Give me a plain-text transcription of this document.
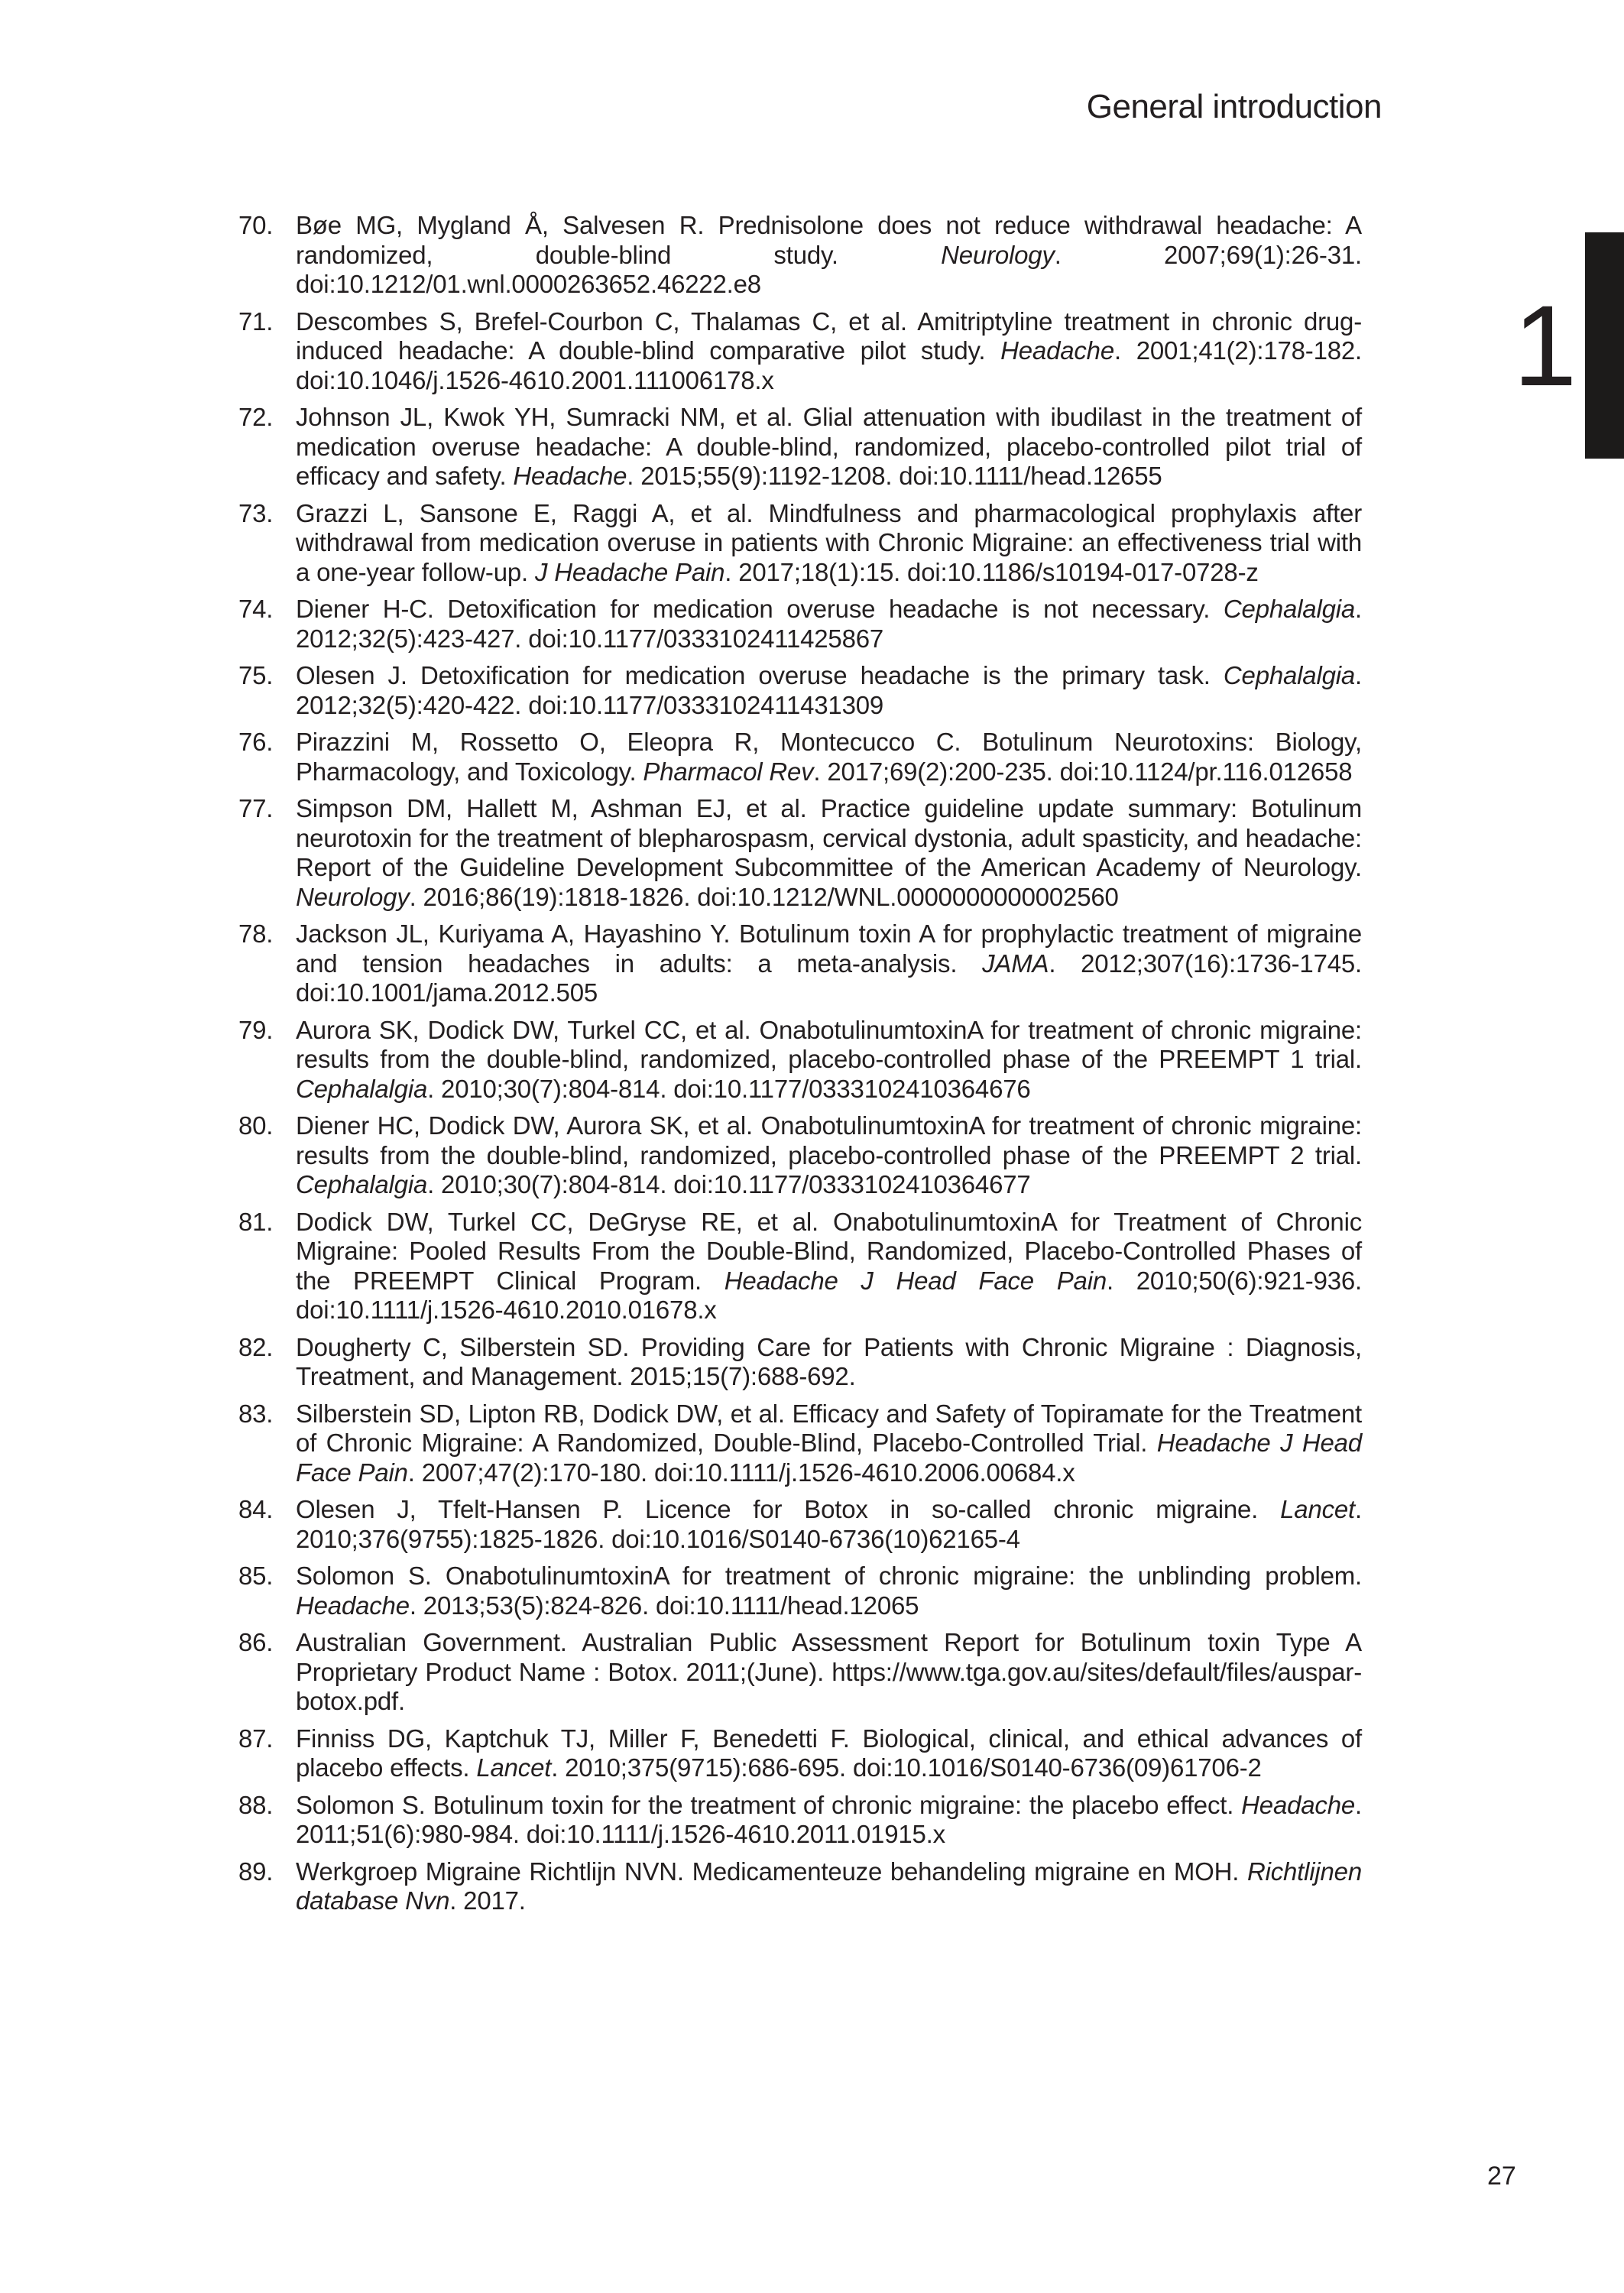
General introduction
1
70. Bøe MG, Mygland Å, Salvesen R. Prednisolone does not reduce withdrawal headache: A randomized, double-blind study. Neurology. 2007;69(1):26-31. doi:10.1212/01.wnl.0000263652.46222.e8
71. Descombes S, Brefel-Courbon C, Thalamas C, et al. Amitriptyline treatment in chronic drug-induced headache: A double-blind comparative pilot study. Headache. 2001;41(2):178-182. doi:10.1046/j.1526-4610.2001.111006178.x
72. Johnson JL, Kwok YH, Sumracki NM, et al. Glial attenuation with ibudilast in the treatment of medication overuse headache: A double-blind, randomized, placebo-controlled pilot trial of efficacy and safety. Headache. 2015;55(9):1192-1208. doi:10.1111/head.12655
73. Grazzi L, Sansone E, Raggi A, et al. Mindfulness and pharmacological prophylaxis after withdrawal from medication overuse in patients with Chronic Migraine: an effectiveness trial with a one-year follow-up. J Headache Pain. 2017;18(1):15. doi:10.1186/s10194-017-0728-z
74. Diener H-C. Detoxification for medication overuse headache is not necessary. Cephalalgia. 2012;32(5):423-427. doi:10.1177/0333102411425867
75. Olesen J. Detoxification for medication overuse headache is the primary task. Cephalalgia. 2012;32(5):420-422. doi:10.1177/0333102411431309
76. Pirazzini M, Rossetto O, Eleopra R, Montecucco C. Botulinum Neurotoxins: Biology, Pharmacology, and Toxicology. Pharmacol Rev. 2017;69(2):200-235. doi:10.1124/pr.116.012658
77. Simpson DM, Hallett M, Ashman EJ, et al. Practice guideline update summary: Botulinum neurotoxin for the treatment of blepharospasm, cervical dystonia, adult spasticity, and headache: Report of the Guideline Development Subcommittee of the American Academy of Neurology. Neurology. 2016;86(19):1818-1826. doi:10.1212/WNL.0000000000002560
78. Jackson JL, Kuriyama A, Hayashino Y. Botulinum toxin A for prophylactic treatment of migraine and tension headaches in adults: a meta-analysis. JAMA. 2012;307(16):1736-1745. doi:10.1001/jama.2012.505
79. Aurora SK, Dodick DW, Turkel CC, et al. OnabotulinumtoxinA for treatment of chronic migraine: results from the double-blind, randomized, placebo-controlled phase of the PREEMPT 1 trial. Cephalalgia. 2010;30(7):804-814. doi:10.1177/0333102410364676
80. Diener HC, Dodick DW, Aurora SK, et al. OnabotulinumtoxinA for treatment of chronic migraine: results from the double-blind, randomized, placebo-controlled phase of the PREEMPT 2 trial. Cephalalgia. 2010;30(7):804-814. doi:10.1177/0333102410364677
81. Dodick DW, Turkel CC, DeGryse RE, et al. OnabotulinumtoxinA for Treatment of Chronic Migraine: Pooled Results From the Double-Blind, Randomized, Placebo-Controlled Phases of the PREEMPT Clinical Program. Headache J Head Face Pain. 2010;50(6):921-936. doi:10.1111/j.1526-4610.2010.01678.x
82. Dougherty C, Silberstein SD. Providing Care for Patients with Chronic Migraine : Diagnosis, Treatment, and Management. 2015;15(7):688-692.
83. Silberstein SD, Lipton RB, Dodick DW, et al. Efficacy and Safety of Topiramate for the Treatment of Chronic Migraine: A Randomized, Double-Blind, Placebo-Controlled Trial. Headache J Head Face Pain. 2007;47(2):170-180. doi:10.1111/j.1526-4610.2006.00684.x
84. Olesen J, Tfelt-Hansen P. Licence for Botox in so-called chronic migraine. Lancet. 2010;376(9755):1825-1826. doi:10.1016/S0140-6736(10)62165-4
85. Solomon S. OnabotulinumtoxinA for treatment of chronic migraine: the unblinding problem. Headache. 2013;53(5):824-826. doi:10.1111/head.12065
86. Australian Government. Australian Public Assessment Report for Botulinum toxin Type A Proprietary Product Name : Botox. 2011;(June). https://www.tga.gov.au/sites/default/files/auspar-botox.pdf.
87. Finniss DG, Kaptchuk TJ, Miller F, Benedetti F. Biological, clinical, and ethical advances of placebo effects. Lancet. 2010;375(9715):686-695. doi:10.1016/S0140-6736(09)61706-2
88. Solomon S. Botulinum toxin for the treatment of chronic migraine: the placebo effect. Headache. 2011;51(6):980-984. doi:10.1111/j.1526-4610.2011.01915.x
89. Werkgroep Migraine Richtlijn NVN. Medicamenteuze behandeling migraine en MOH. Richtlijnen database Nvn. 2017.
27
